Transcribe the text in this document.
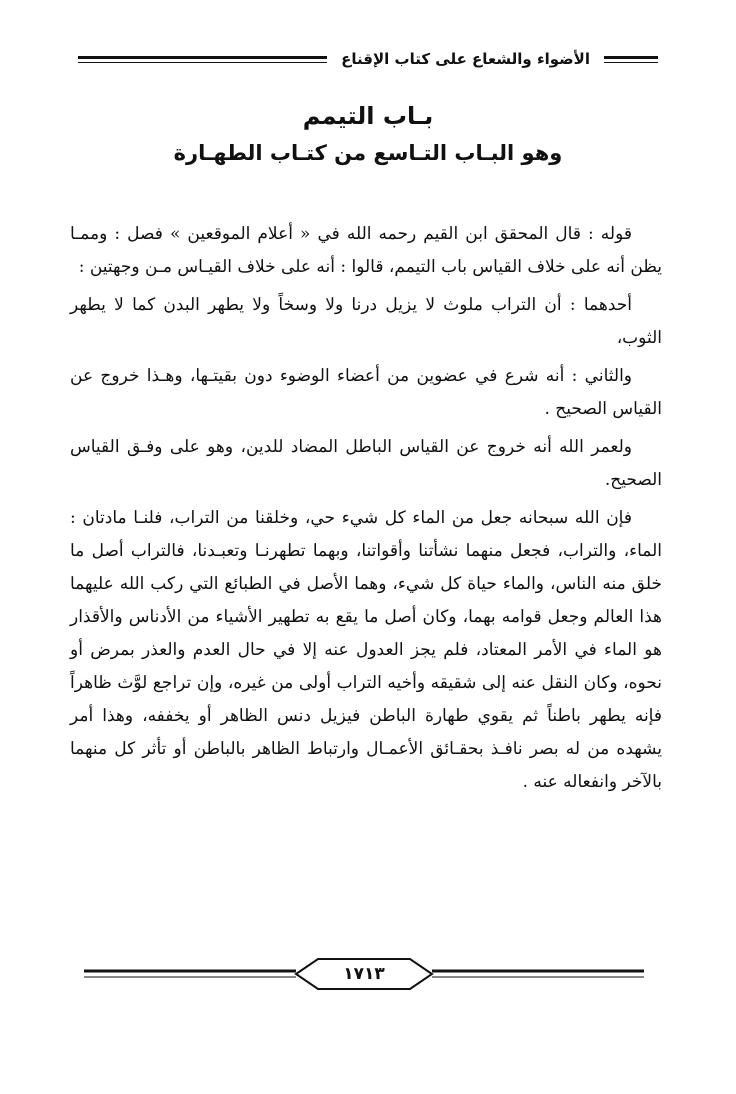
الأضواء والشعاع على كتاب الإقناع
بـاب التيمم
وهو البـاب التـاسع من كتـاب الطهـارة

قوله : قال المحقق ابن القيم رحمه الله في « أعلام الموقعين » فصل : وممـا يظن أنه على خلاف القياس باب التيمم، قالوا : أنه على خلاف القيـاس مـن وجهتين :

أحدهما : أن التراب ملوث لا يزيل درنا ولا وسخاً ولا يطهر البدن كما لا يطهر الثوب،

والثاني : أنه شرع في عضوين من أعضاء الوضوء دون بقيتـها، وهـذا خروج عن القياس الصحيح .

ولعمر الله أنه خروج عن القياس الباطل المضاد للدين، وهو على وفـق القياس الصحيح.

فإن الله سبحانه جعل من الماء كل شيء حي، وخلقنا من التراب، فلنـا مادتان : الماء، والتراب، فجعل منهما نشأتنا وأقواتنا، وبهما تطهرنـا وتعبـدنا، فالتراب أصل ما خلق منه الناس، والماء حياة كل شيء، وهما الأصل في الطبائع التي ركب الله عليهما هذا العالم وجعل قوامه بهما، وكان أصل ما يقع به تطهير الأشياء من الأدناس والأقذار هو الماء في الأمر المعتاد، فلم يجز العدول عنه إلا في حال العدم والعذر بمرض أو نحوه، وكان النقل عنه إلى شقيقه وأخيه التراب أولى من غيره، وإن تراجع لوَّث ظاهراً فإنه يطهر باطناً ثم يقوي طهارة الباطن فيزيل دنس الظاهر أو يخففه، وهذا أمر يشهده من له بصر نافـذ بحقـائق الأعمـال وارتباط الظاهر بالباطن أو تأثر كل منهما بالآخر وانفعاله عنه .

١٧١٣
